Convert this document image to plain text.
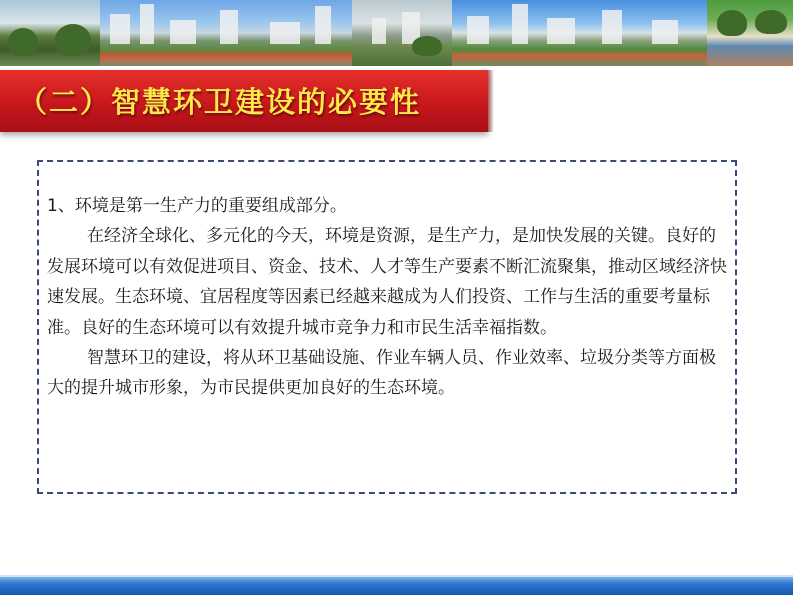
（二）智慧环卫建设的必要性

1、环境是第一生产力的重要组成部分。

在经济全球化、多元化的今天，环境是资源，是生产力，是加快发展的关键。良好的发展环境可以有效促进项目、资金、技术、人才等生产要素不断汇流聚集，推动区域经济快速发展。生态环境、宜居程度等因素已经越来越成为人们投资、工作与生活的重要考量标准。良好的生态环境可以有效提升城市竞争力和市民生活幸福指数。

智慧环卫的建设，将从环卫基础设施、作业车辆人员、作业效率、垃圾分类等方面极大的提升城市形象，为市民提供更加良好的生态环境。
